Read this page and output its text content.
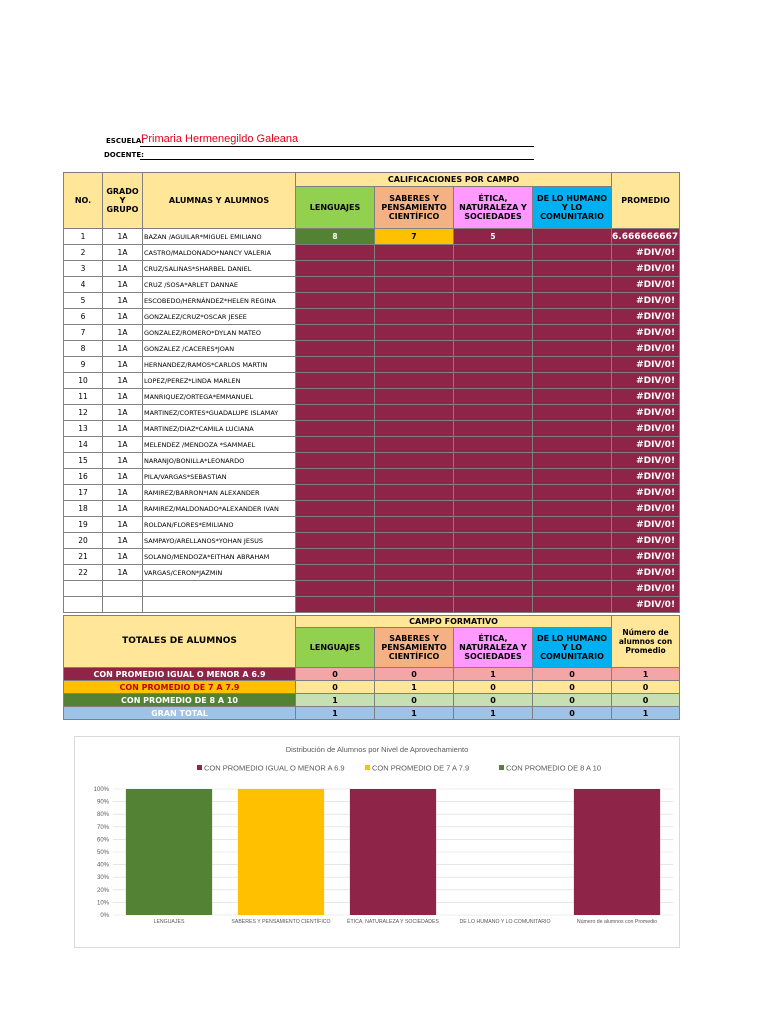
ESCUELA:
Primaria Hermenegildo Galeana
DOCENTE:
NO.	GRADO Y GRUPO	ALUMNAS Y ALUMNOS	CALIFICACIONES POR CAMPO				PROMEDIO
			LENGUAJES	SABERES Y PENSAMIENTO CIENTÍFICO	ÉTICA, NATURALEZA Y SOCIEDADES	DE LO HUMANO Y LO COMUNITARIO	
1	1A	BAZAN /AGUILAR*MIGUEL EMILIANO	8	7	5		6.666666667
2	1A	CASTRO/MALDONADO*NANCY VALERIA					#DIV/0!
3	1A	CRUZ/SALINAS*SHARBEL DANIEL					#DIV/0!
4	1A	CRUZ /SOSA*ARLET DANNAE					#DIV/0!
5	1A	ESCOBEDO/HERNÁNDEZ*HELEN REGINA					#DIV/0!
6	1A	GONZALEZ/CRUZ*OSCAR JESEE					#DIV/0!
7	1A	GONZALEZ/ROMERO*DYLAN MATEO					#DIV/0!
8	1A	GONZALEZ /CACERES*JOAN					#DIV/0!
9	1A	HERNANDEZ/RAMOS*CARLOS MARTIN					#DIV/0!
10	1A	LOPEZ/PEREZ*LINDA MARLEN					#DIV/0!
11	1A	MANRIQUEZ/ORTEGA*EMMANUEL					#DIV/0!
12	1A	MARTINEZ/CORTES*GUADALUPE ISLAMAY					#DIV/0!
13	1A	MARTINEZ/DIAZ*CAMILA LUCIANA					#DIV/0!
14	1A	MELENDEZ /MENDOZA *SAMMAEL					#DIV/0!
15	1A	NARANJO/BONILLA*LEONARDO					#DIV/0!
16	1A	PILA/VARGAS*SEBASTIAN					#DIV/0!
17	1A	RAMIREZ/BARRON*IAN ALEXANDER					#DIV/0!
18	1A	RAMIREZ/MALDONADO*ALEXANDER IVAN					#DIV/0!
19	1A	ROLDAN/FLORES*EMILIANO					#DIV/0!
20	1A	SAMPAYO/ARELLANOS*YOHAN JESUS					#DIV/0!
21	1A	SOLANO/MENDOZA*EITHAN ABRAHAM					#DIV/0!
22	1A	VARGAS/CERON*JAZMIN					#DIV/0!
							#DIV/0!
							#DIV/0!
TOTALES DE ALUMNOS	CAMPO FORMATIVO				Número de alumnos con Promedio
	LENGUAJES	SABERES Y PENSAMIENTO CIENTÍFICO	ÉTICA, NATURALEZA Y SOCIEDADES	DE LO HUMANO Y LO COMUNITARIO	
CON PROMEDIO IGUAL O MENOR A 6.9	0	0	1	0	1
CON PROMEDIO DE 7 A 7.9	0	1	0	0	0
CON PROMEDIO DE 8 A 10	1	0	0	0	0
GRAN TOTAL	1	1	1	0	1
Distribución de Alumnos por Nivel de Aprovechamiento
CON PROMEDIO IGUAL O MENOR A 6.9	CON PROMEDIO DE 7 A 7.9	CON PROMEDIO DE 8 A 10
0%
10%
20%
30%
40%
50%
60%
70%
80%
90%
100%
LENGUAJES	SABERES Y PENSAMIENTO CIENTÍFICO	ÉTICA, NATURALEZA Y SOCIEDADES	DE LO HUMANO Y LO COMUNITARIO	Número de alumnos con Promedio
